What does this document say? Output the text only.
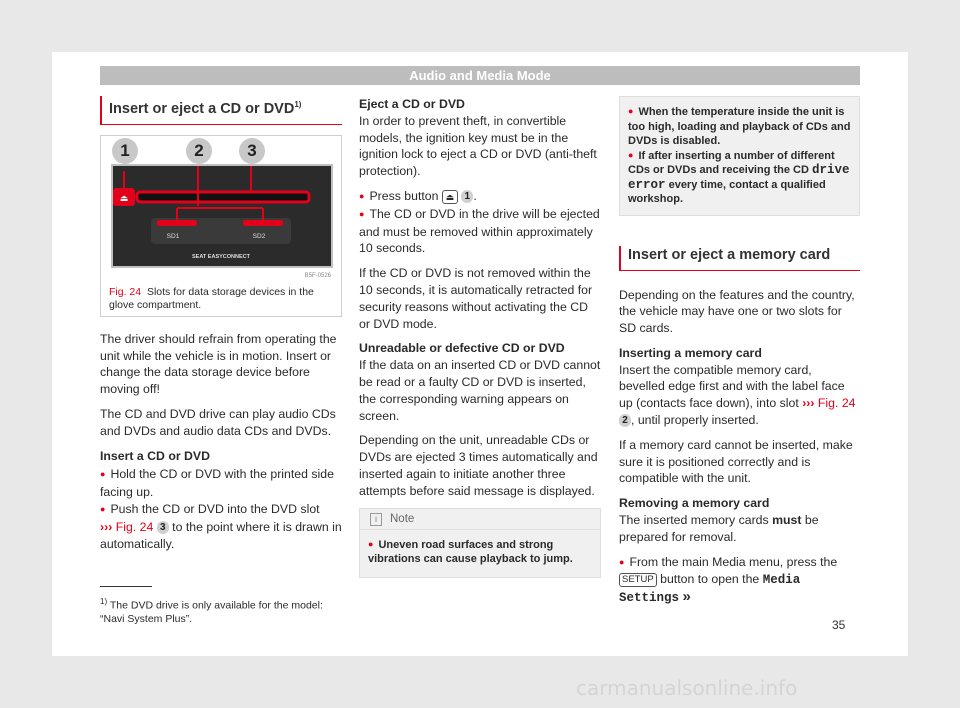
Audio and Media Mode
Insert or eject a CD or DVD$^{1)}$
⏏
SD1	SD2
SEAT EASYCONNECT
B5F-0526
1	2	3
Fig. 24 Slots for data storage devices in the glove compartment.

The driver should refrain from operating the unit while the vehicle is in motion. Insert or change the data storage device before moving off!

The CD and DVD drive can play audio CDs and DVDs and audio data CDs and DVDs.

Insert a CD or DVD

● Hold the CD or DVD with the printed side facing up.
● Push the CD or DVD into the DVD slot
››› Fig. 24 3 to the point where it is drawn in automatically.

Eject a CD or DVD

In order to prevent theft, in convertible models, the ignition key must be in the ignition lock to eject a CD or DVD (anti-theft protection).

● Press button ⏏ 1 .
● The CD or DVD in the drive will be ejected and must be removed within approximately 10 seconds.

If the CD or DVD is not removed within the 10 seconds, it is automatically retracted for security reasons without activating the CD or DVD mode.

Unreadable or defective CD or DVD

If the data on an inserted CD or DVD cannot be read or a faulty CD or DVD is inserted, the corresponding warning appears on screen.

Depending on the unit, unreadable CDs or DVDs are ejected 3 times automatically and inserted again to initiate another three attempts before said message is displayed.

i Note
● Uneven road surfaces and strong vibrations can cause playback to jump.
● When the temperature inside the unit is too high, loading and playback of CDs and DVDs is disabled.
● If after inserting a number of different CDs or DVDs and receiving the CD drive error every time, contact a qualified workshop.
Insert or eject a memory card

Depending on the features and the country, the vehicle may have one or two slots for SD cards.

Inserting a memory card

Insert the compatible memory card, bevelled edge first and with the label face up (contacts face down), into slot ››› Fig. 24 2 , until properly inserted.

If a memory card cannot be inserted, make sure it is positioned correctly and is compatible with the unit.

Removing a memory card

The inserted memory cards must be prepared for removal.

● From the main Media menu, press the SETUP button to open the Media Settings »
$^{1)}$ The DVD drive is only available for the model: “Navi System Plus”.	35
carmanualsonline.info
